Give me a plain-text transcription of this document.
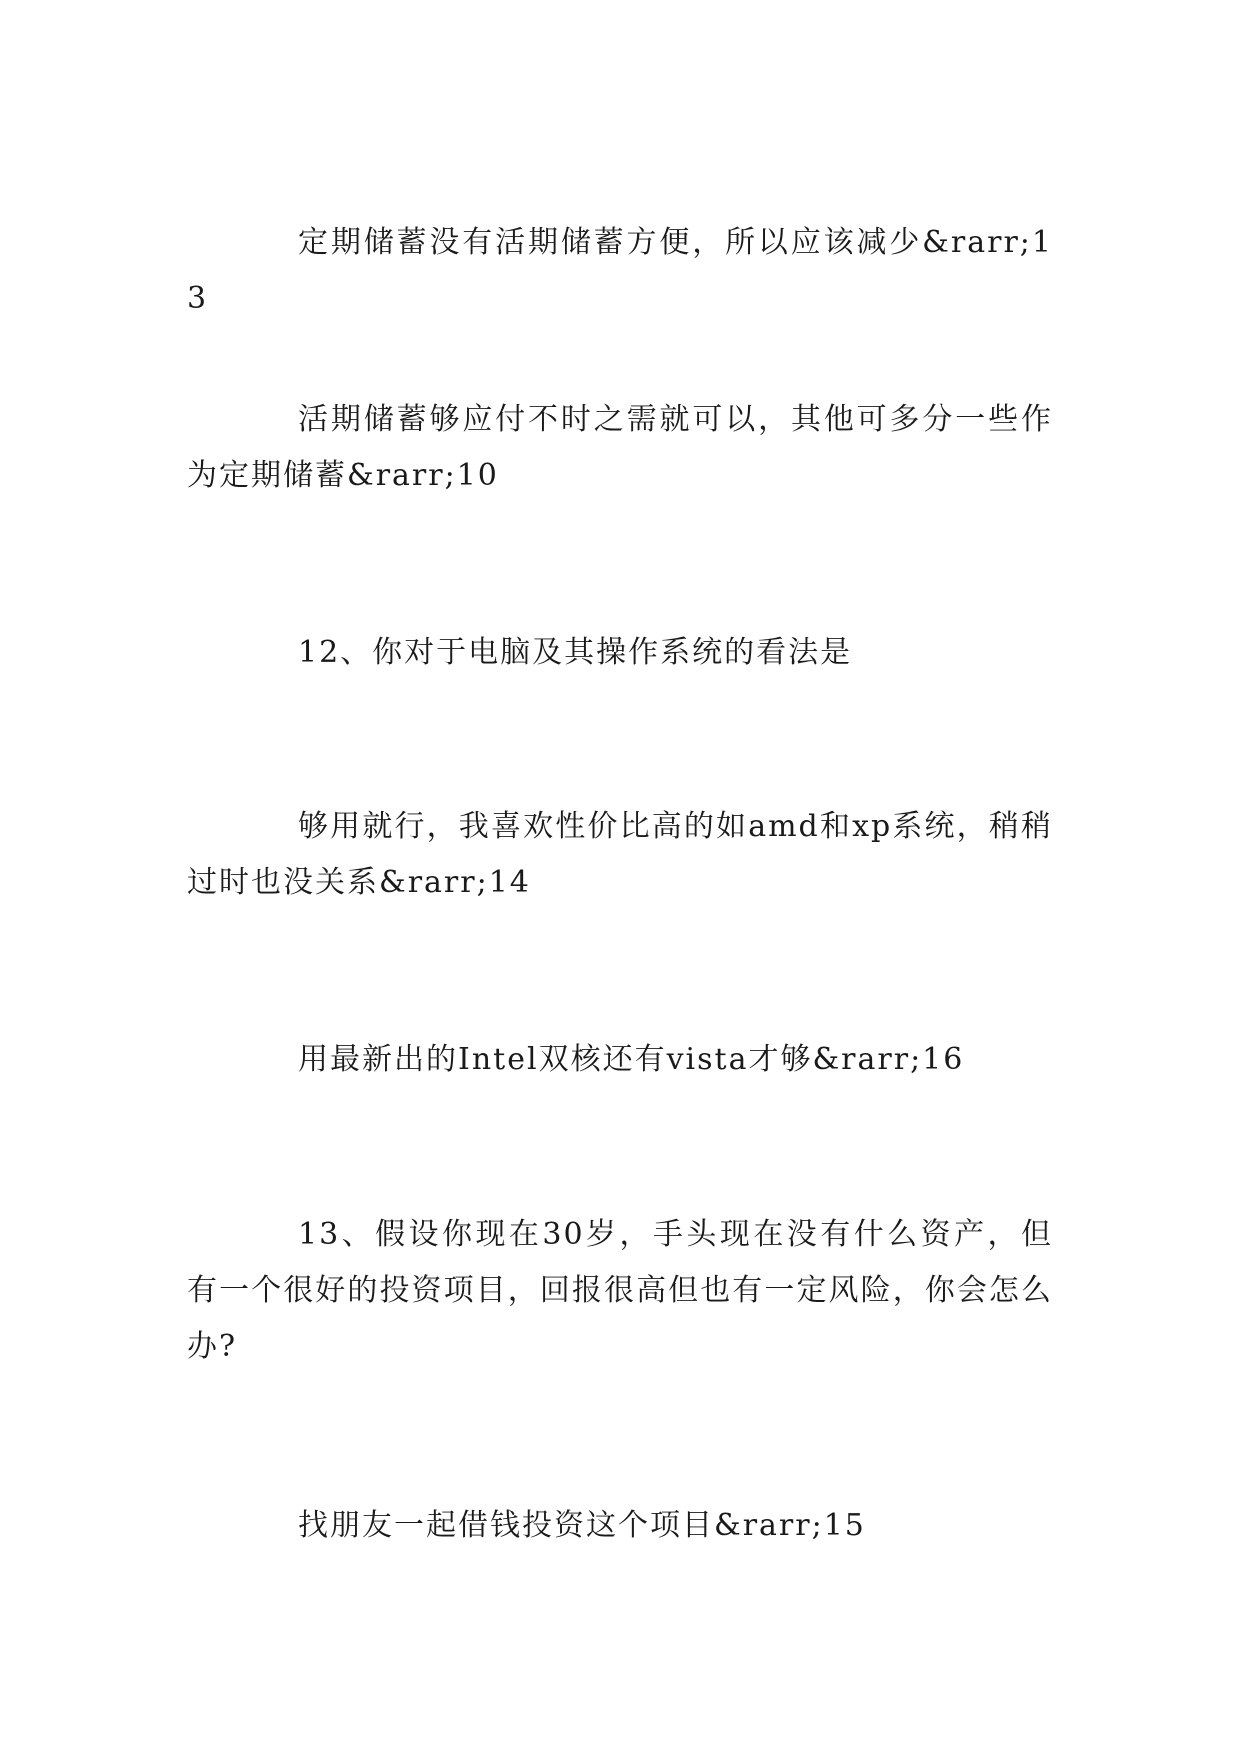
定期储蓄没有活期储蓄方便，所以应该减少&rarr;13

活期储蓄够应付不时之需就可以，其他可多分一些作为定期储蓄&rarr;10

12、你对于电脑及其操作系统的看法是

够用就行，我喜欢性价比高的如amd和xp系统，稍稍过时也没关系&rarr;14

用最新出的Intel双核还有vista才够&rarr;16

13、假设你现在30岁，手头现在没有什么资产，但有一个很好的投资项目，回报很高但也有一定风险，你会怎么办?

找朋友一起借钱投资这个项目&rarr;15
